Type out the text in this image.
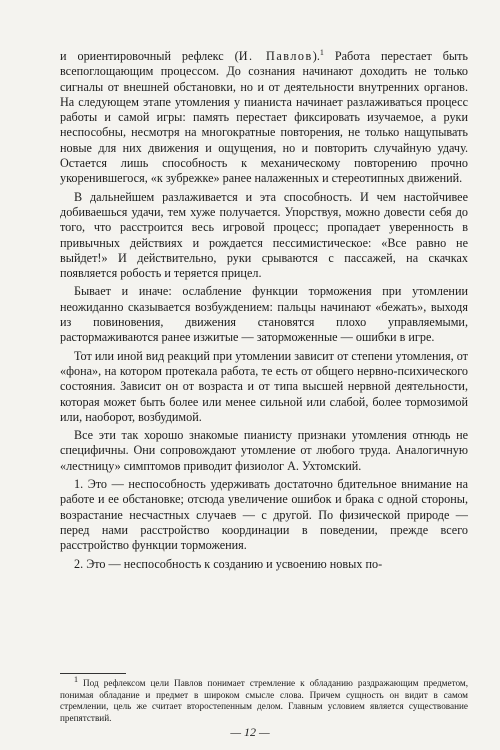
и ориентировочный рефлекс (И. Павлов).$^1$ Работа перестает быть всепоглощающим процессом. До сознания начинают доходить не только сигналы от внешней обстановки, но и от деятельности внутренних органов. На следующем этапе утомления у пианиста начинает разлаживаться процесс работы и самой игры: память перестает фиксировать изучаемое, а руки неспособны, несмотря на многократные повторения, не только нащупывать новые для них движения и ощущения, но и повторить случайную удачу. Остается лишь способность к механическому повторению прочно укоренившегося, «к зубрежке» ранее налаженных и стереотипных движений.

В дальнейшем разлаживается и эта способность. И чем настойчивее добиваешься удачи, тем хуже получается. Упорствуя, можно довести себя до того, что расстроится весь игровой процесс; пропадает уверенность в привычных действиях и рождается пессимистическое: «Все равно не выйдет!» И действительно, руки срываются с пассажей, на скачках появляется робость и теряется прицел.

Бывает и иначе: ослабление функции торможения при утомлении неожиданно сказывается возбуждением: пальцы начинают «бежать», выходя из повиновения, движения становятся плохо управляемыми, растормаживаются ранее изжитые — заторможенные — ошибки в игре.

Тот или иной вид реакций при утомлении зависит от степени утомления, от «фона», на котором протекала работа, те есть от общего нервно-психического состояния. Зависит он от возраста и от типа высшей нервной деятельности, которая может быть более или менее сильной или слабой, более тормозимой или, наоборот, возбудимой.

Все эти так хорошо знакомые пианисту признаки утомления отнюдь не специфичны. Они сопровождают утомление от любого труда. Аналогичную «лестницу» симптомов приводит физиолог А. Ухтомский.

1. Это — неспособность удерживать достаточно бдительное внимание на работе и ее обстановке; отсюда увеличение ошибок и брака с одной стороны, возрастание несчастных случаев — с другой. По физической природе — перед нами расстройство координации в поведении, прежде всего расстройство функции торможения.

2. Это — неспособность к созданию и усвоению новых по-

1 Под рефлексом цели Павлов понимает стремление к обладанию раздражающим предметом, понимая обладание и предмет в широком смысле слова. Причем сущность он видит в самом стремлении, цель же считает второстепенным делом. Главным условием является существование препятствий.
— 12 —
